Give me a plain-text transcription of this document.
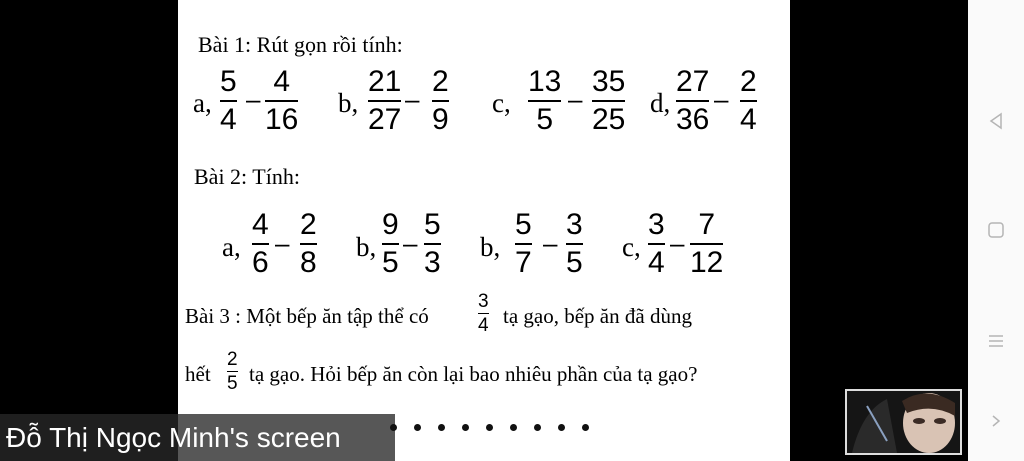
Bài 1: Rút gọn rồi tính:
a,
5
4
–
4
16 b,
21
27
–
2
9 c,
13
5
–
35
25 d,
27
36
–
2
4
Bài 2: Tính:
a,
4
6
–
2
8 b,
9
5
–
5
3 b,
5
7
–
3
5 c,
3
4
–
7
12
Bài 3 : Một bếp ăn tập thể có
3
4 tạ gạo, bếp ăn đã dùng
hết
2
5 tạ gạo. Hỏi bếp ăn còn lại bao nhiêu phần của tạ gạo?
Đỗ Thị Ngọc Minh's screen
